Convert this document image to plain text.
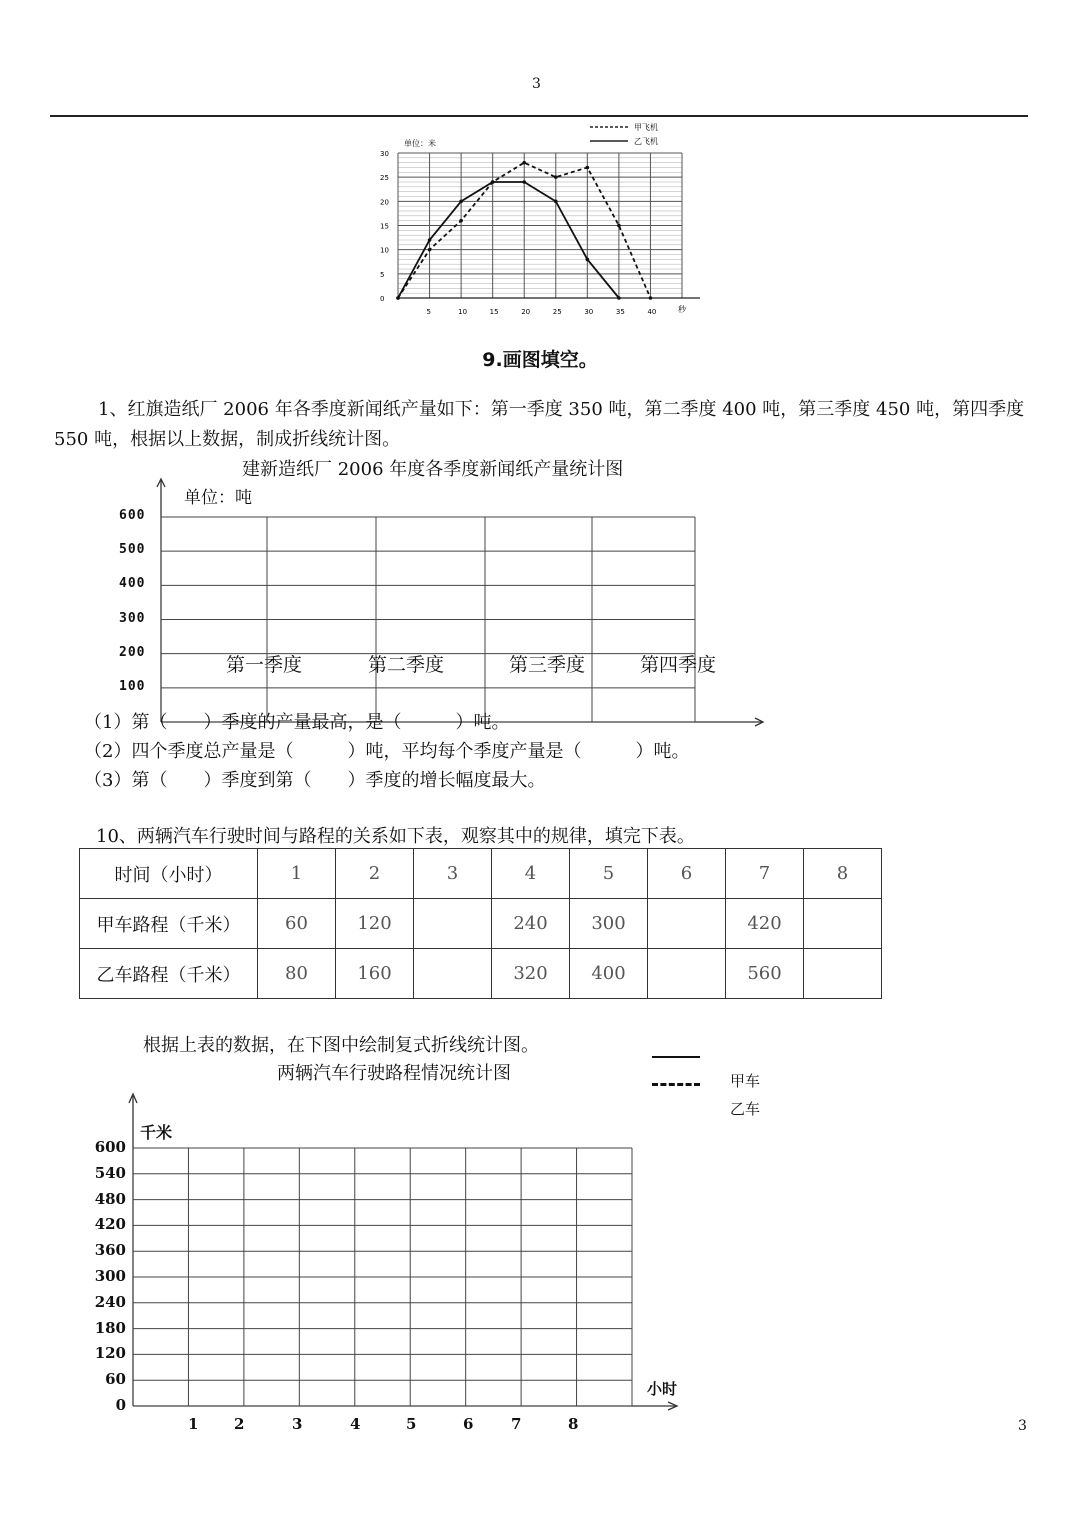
3
单位：米
甲飞机
乙飞机
0
5
10
15
20
25
30
5	10	15	20	25	30	35	40	秒
9.画图填空。
1、红旗造纸厂 2006 年各季度新闻纸产量如下：第一季度 350 吨，第二季度 400 吨，第三季度 450 吨，第四季度 550 吨，根据以上数据，制成折线统计图。
建新造纸厂 2006 年度各季度新闻纸产量统计图
单位：吨
600
500
400
300
200
100
第一季度	第二季度	第三季度	第四季度
（1）第（　　）季度的产量最高，是（　　　）吨。
（2）四个季度总产量是（　　　）吨，平均每个季度产量是（　　　）吨。
（3）第（　　）季度到第（　　）季度的增长幅度最大。
10、两辆汽车行驶时间与路程的关系如下表，观察其中的规律，填完下表。
时间（小时）	1	2	3	4	5	6	7	8
甲车路程（千米）	60	120		240	300		420	
乙车路程（千米）	80	160		320	400		560	
根据上表的数据，在下图中绘制复式折线统计图。
两辆汽车行驶路程情况统计图	甲车
乙车
千米
小时
600
540
480
420
360
300
240
180
120
60
0
1 2	3	4	5	6	7	8	3
